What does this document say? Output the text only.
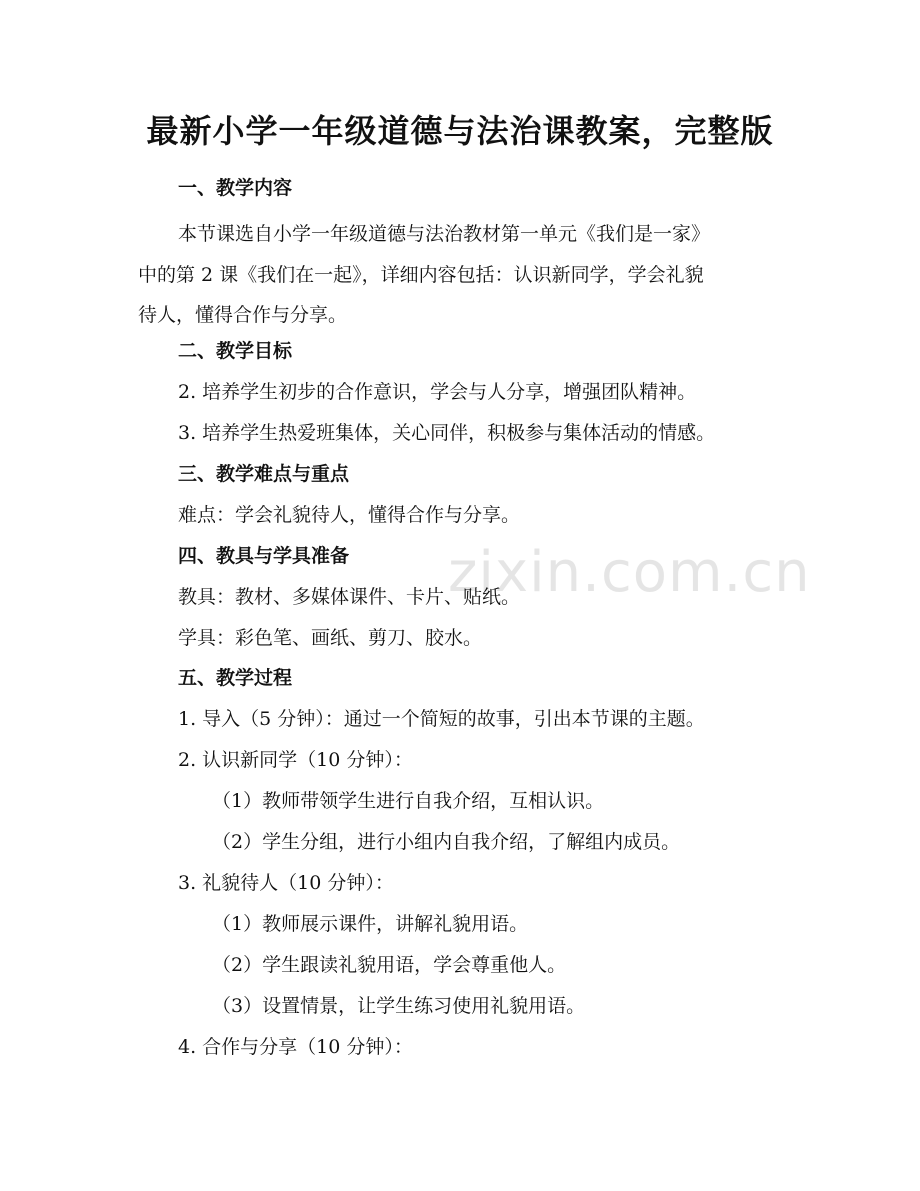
最新小学一年级道德与法治课教案，完整版
一、教学内容
本节课选自小学一年级道德与法治教材第一单元《我们是一家》
中的第 2 课《我们在一起》，详细内容包括：认识新同学，学会礼貌
待人，懂得合作与分享。
二、教学目标
2. 培养学生初步的合作意识，学会与人分享，增强团队精神。
3. 培养学生热爱班集体，关心同伴，积极参与集体活动的情感。
三、教学难点与重点
难点：学会礼貌待人，懂得合作与分享。
四、教具与学具准备
教具：教材、多媒体课件、卡片、贴纸。
学具：彩色笔、画纸、剪刀、胶水。
五、教学过程
1. 导入（5 分钟）：通过一个简短的故事，引出本节课的主题。
2. 认识新同学（10 分钟）：
（1）教师带领学生进行自我介绍，互相认识。
（2）学生分组，进行小组内自我介绍，了解组内成员。
3. 礼貌待人（10 分钟）：
（1）教师展示课件，讲解礼貌用语。
（2）学生跟读礼貌用语，学会尊重他人。
（3）设置情景，让学生练习使用礼貌用语。
4. 合作与分享（10 分钟）：
zixin.com.cn
